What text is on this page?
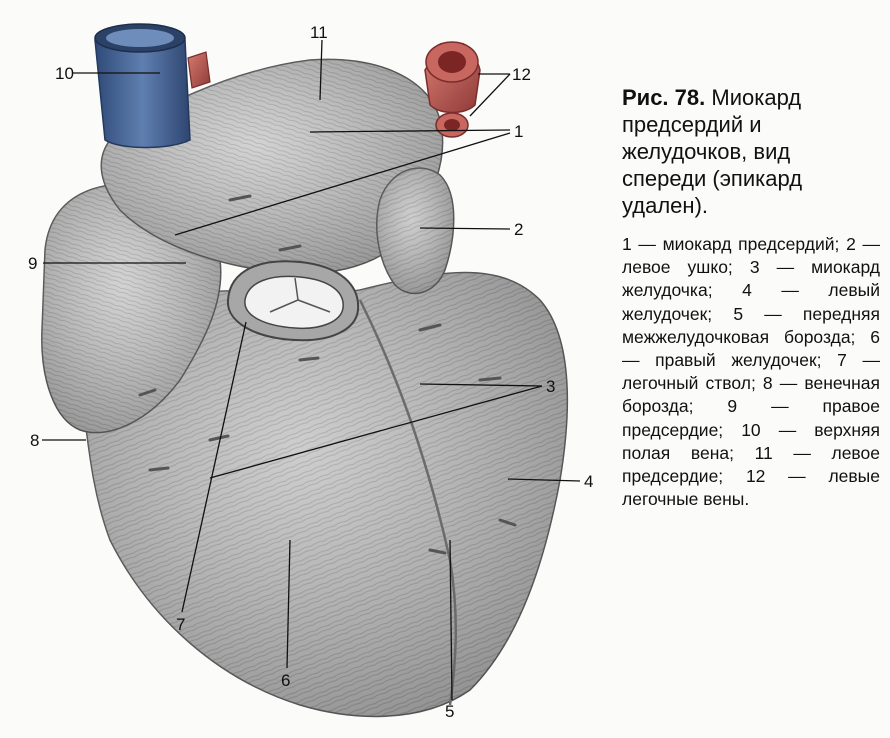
10
11
12
1
2
9
3
4
8
7
6
5

Рис. 78. Миокард предсердий и желудочков, вид спереди (эпикард удален).

1 — миокард предсердий; 2 — левое ушко; 3 — миокард желудочка; 4 — левый желудочек; 5 — передняя межжелудочковая борозда; 6 — правый желудочек; 7 — легочный ствол; 8 — венечная борозда; 9 — правое предсердие; 10 — верхняя полая вена; 11 — левое предсердие; 12 — левые легочные вены.
